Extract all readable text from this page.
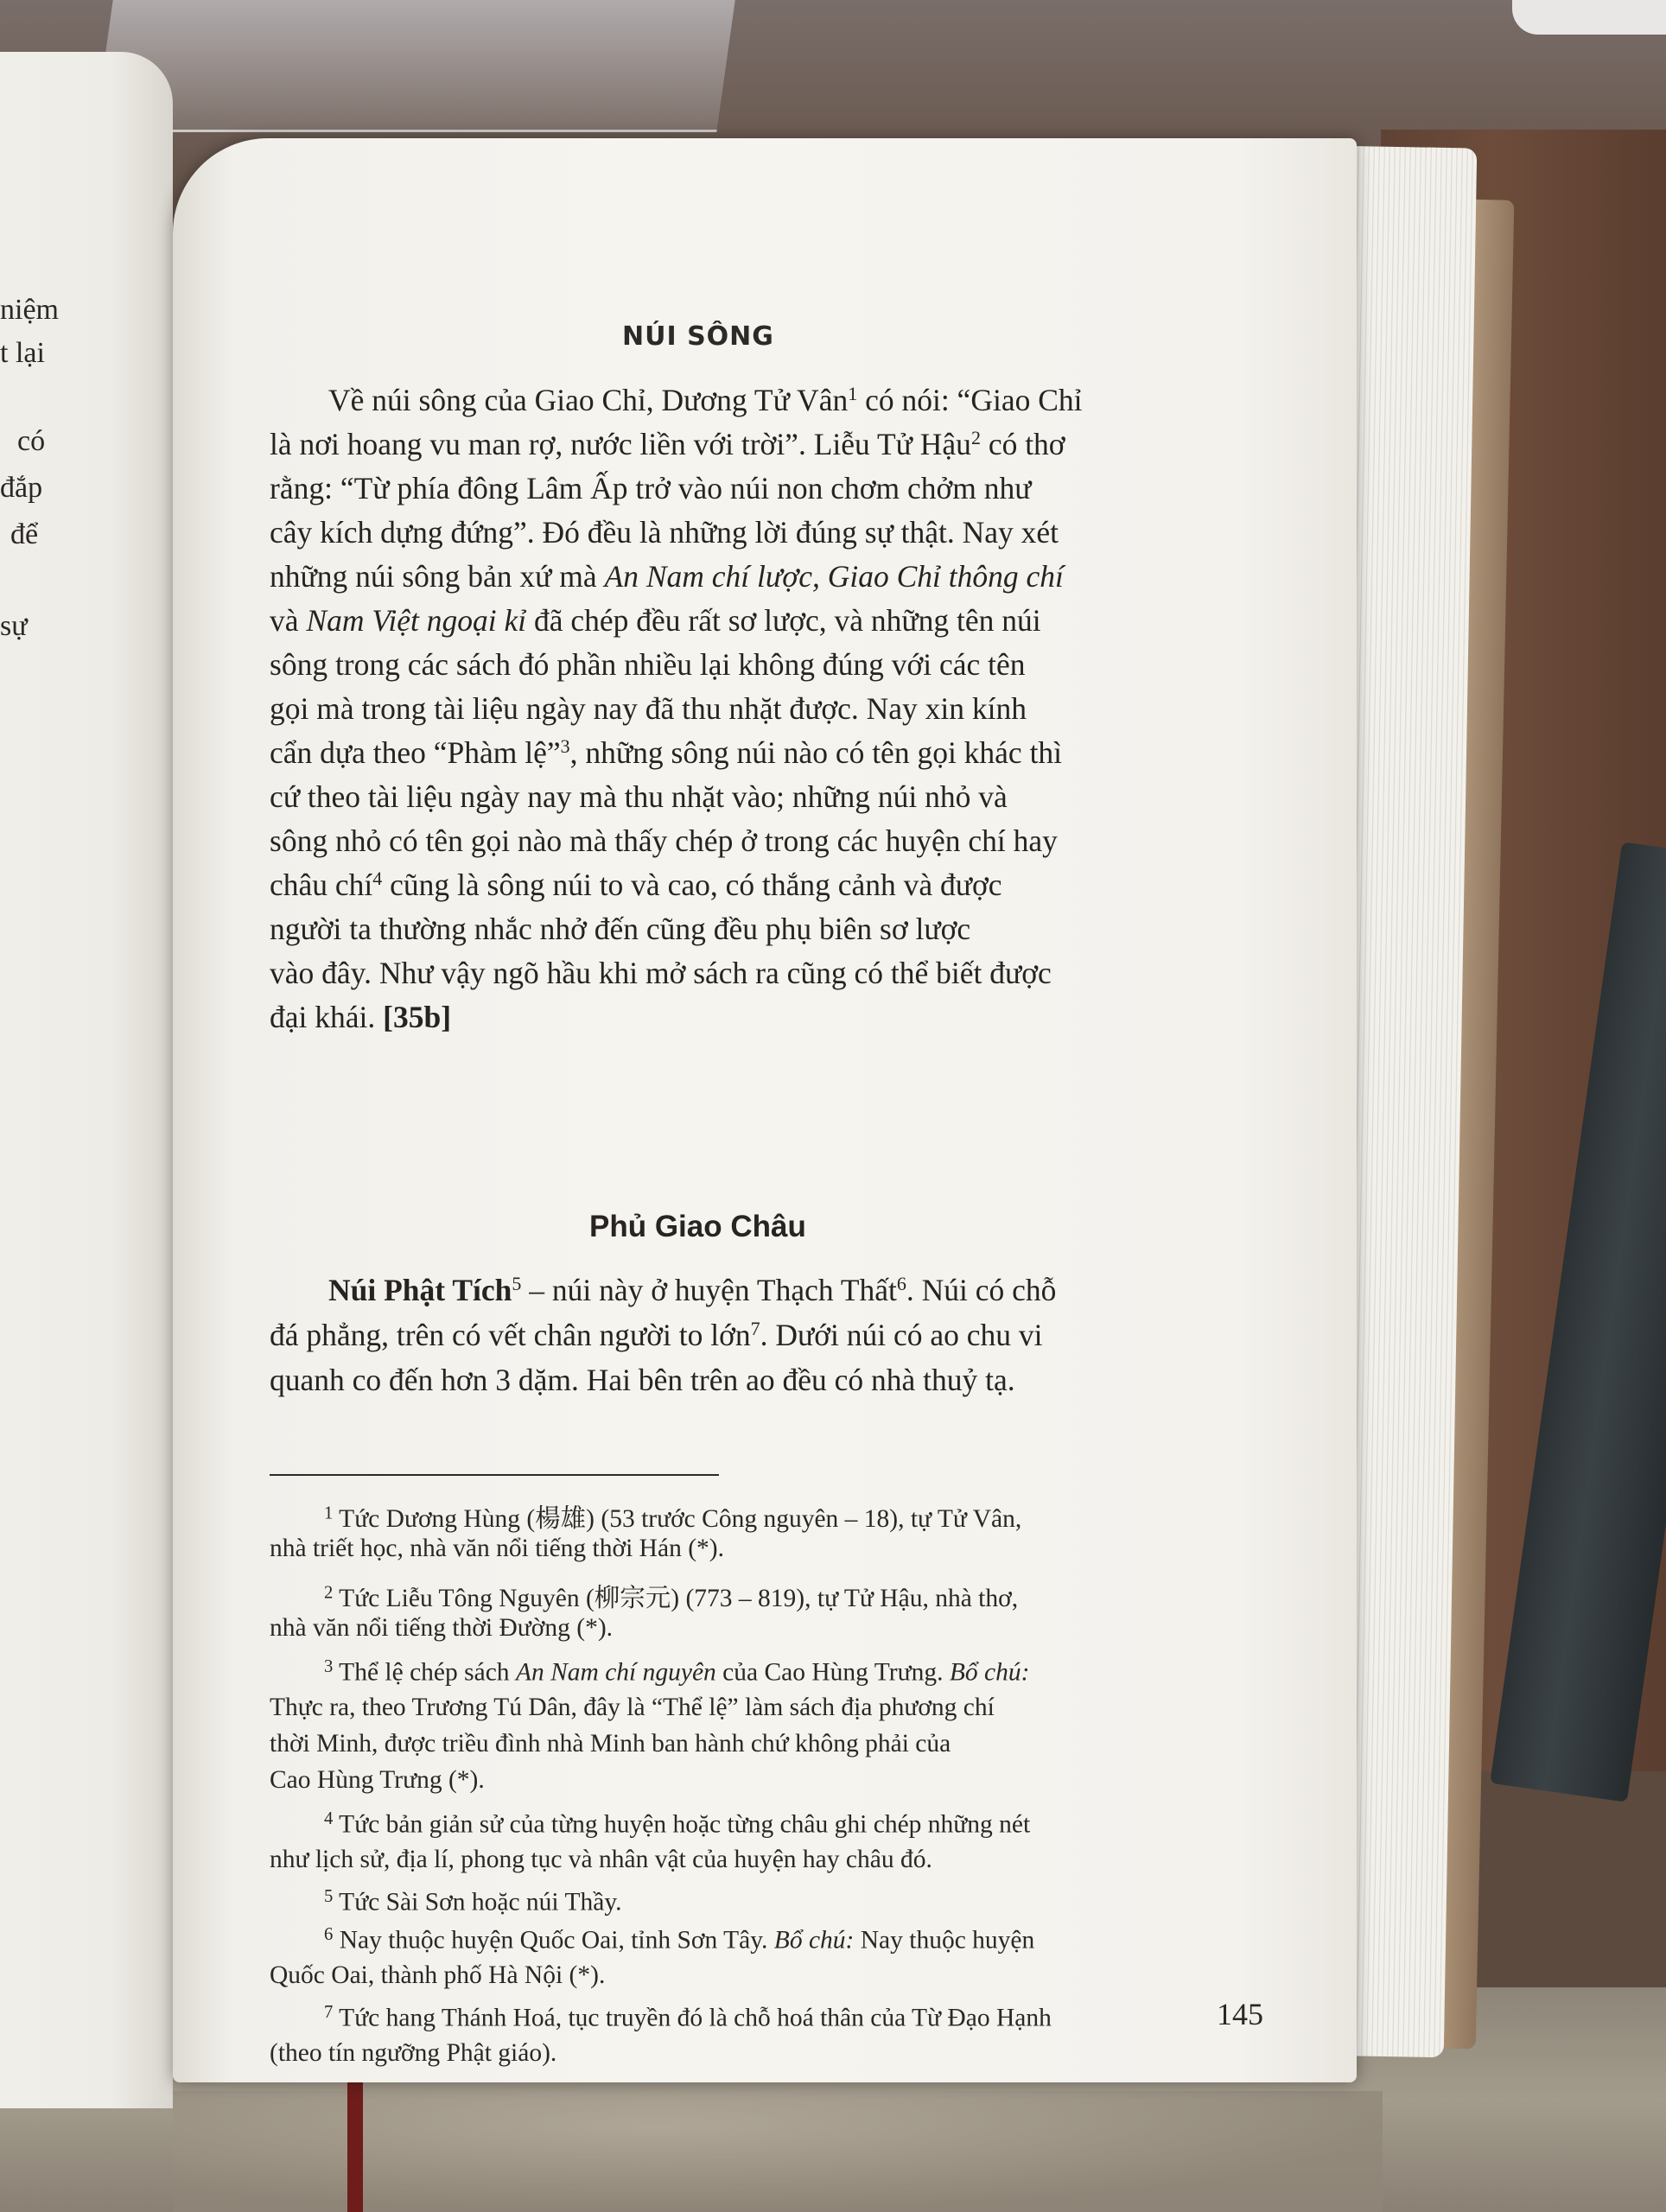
niệm
t lại
có
đắp
để
sự
NÚI SÔNG
Về núi sông của Giao Chỉ, Dương Tử Vân$^1$ có nói: “Giao Chỉ
là nơi hoang vu man rợ, nước liền với trời”. Liễu Tử Hậu$^2$ có thơ
rằng: “Từ phía đông Lâm Ấp trở vào núi non chơm chởm như
cây kích dựng đứng”. Đó đều là những lời đúng sự thật. Nay xét
những núi sông bản xứ mà An Nam chí lược, Giao Chỉ thông chí
và Nam Việt ngoại kỉ đã chép đều rất sơ lược, và những tên núi
sông trong các sách đó phần nhiều lại không đúng với các tên
gọi mà trong tài liệu ngày nay đã thu nhặt được. Nay xin kính
cẩn dựa theo “Phàm lệ”$^3$, những sông núi nào có tên gọi khác thì
cứ theo tài liệu ngày nay mà thu nhặt vào; những núi nhỏ và
sông nhỏ có tên gọi nào mà thấy chép ở trong các huyện chí hay
châu chí$^4$ cũng là sông núi to và cao, có thắng cảnh và được
người ta thường nhắc nhở đến cũng đều phụ biên sơ lược
vào đây. Như vậy ngõ hầu khi mở sách ra cũng có thể biết được
đại khái. [35b]
Phủ Giao Châu
Núi Phật Tích$^5$ – núi này ở huyện Thạch Thất$^6$. Núi có chỗ
đá phẳng, trên có vết chân người to lớn$^7$. Dưới núi có ao chu vi
quanh co đến hơn 3 dặm. Hai bên trên ao đều có nhà thuỷ tạ.
$^1$ Tức Dương Hùng (楊雄) (53 trước Công nguyên – 18), tự Tử Vân,
nhà triết học, nhà văn nổi tiếng thời Hán (*).
$^2$ Tức Liễu Tông Nguyên (柳宗元) (773 – 819), tự Tử Hậu, nhà thơ,
nhà văn nổi tiếng thời Đường (*).
$^3$ Thể lệ chép sách An Nam chí nguyên của Cao Hùng Trưng. Bổ chú:
Thực ra, theo Trương Tú Dân, đây là “Thể lệ” làm sách địa phương chí
thời Minh, được triều đình nhà Minh ban hành chứ không phải của
Cao Hùng Trưng (*).
$^4$ Tức bản giản sử của từng huyện hoặc từng châu ghi chép những nét
như lịch sử, địa lí, phong tục và nhân vật của huyện hay châu đó.
$^5$ Tức Sài Sơn hoặc núi Thầy.
$^6$ Nay thuộc huyện Quốc Oai, tỉnh Sơn Tây. Bổ chú: Nay thuộc huyện
Quốc Oai, thành phố Hà Nội (*).
$^7$ Tức hang Thánh Hoá, tục truyền đó là chỗ hoá thân của Từ Đạo Hạnh
(theo tín ngưỡng Phật giáo).
145
